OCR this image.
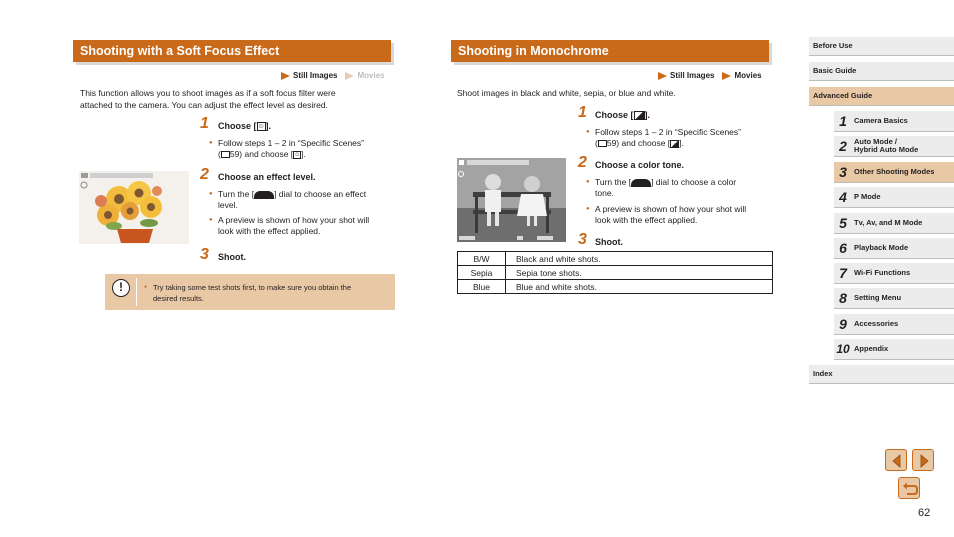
Shooting with a Soft Focus Effect
Still Images	Movies
This function allows you to shoot images as if a soft focus filter were
attached to the camera. You can adjust the effect level as desired.
1 Choose [☺].
● Follow steps 1 – 2 in “Specific Scenes”
( 59) and choose [☺].
2 Choose an effect level.
● Turn the [ ] dial to choose an effect
level.
● A preview is shown of how your shot will
look with the effect applied.
3 Shoot.
!	● Try taking some test shots first, to make sure you obtain the
desired results.
Shooting in Monochrome
Still Images	Movies
Shoot images in black and white, sepia, or blue and white.
1 Choose [ ].
● Follow steps 1 – 2 in “Specific Scenes”
( 59) and choose [ ].
2 Choose a color tone.
● Turn the [ ] dial to choose a color
tone.
● A preview is shown of how your shot will
look with the effect applied.
3 Shoot.
B/W	Black and white shots.
Sepia	Sepia tone shots.
Blue	Blue and white shots.
Before Use
Basic Guide
Advanced Guide
1 Camera Basics
2 Auto Mode /
Hybrid Auto Mode
3 Other Shooting Modes
4 P Mode
5 Tv, Av, and M Mode
6 Playback Mode
7 Wi-Fi Functions
8 Setting Menu
9 Accessories
10 Appendix
Index
62
